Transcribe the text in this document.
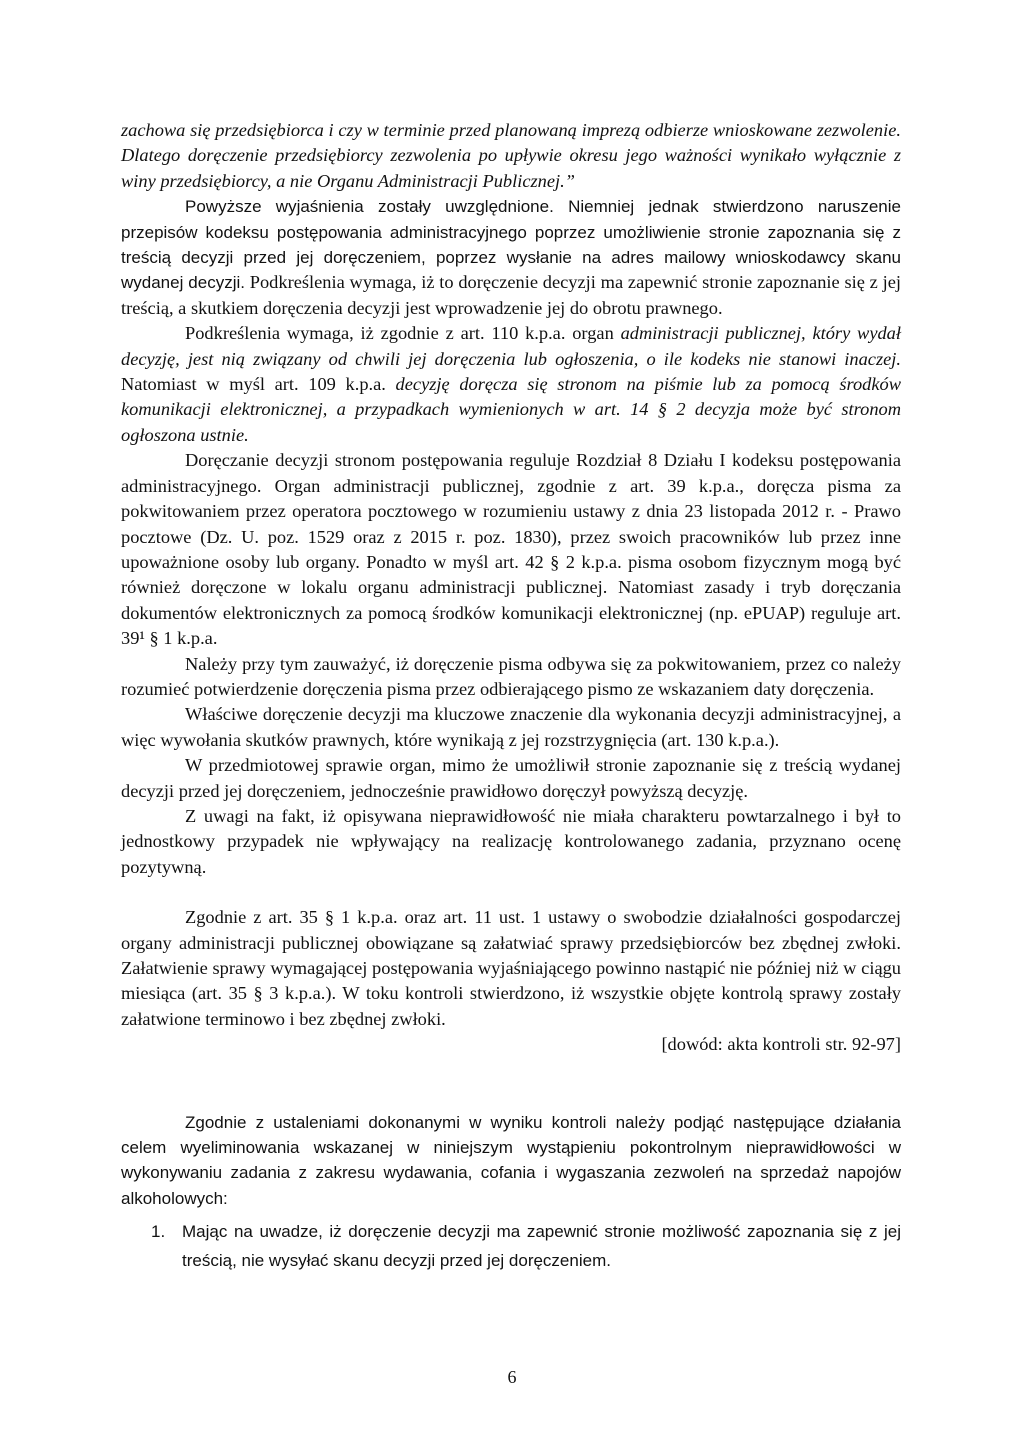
zachowa się przedsiębiorca i czy w terminie przed planowaną imprezą odbierze wnioskowane zezwolenie. Dlatego doręczenie przedsiębiorcy zezwolenia po upływie okresu jego ważności wynikało wyłącznie z winy przedsiębiorcy, a nie Organu Administracji Publicznej.”

Powyższe wyjaśnienia zostały uwzględnione. Niemniej jednak stwierdzono naruszenie przepisów kodeksu postępowania administracyjnego poprzez umożliwienie stronie zapoznania się z treścią decyzji przed jej doręczeniem, poprzez wysłanie na adres mailowy wnioskodawcy skanu wydanej decyzji. Podkreślenia wymaga, iż to doręczenie decyzji ma zapewnić stronie zapoznanie się z jej treścią, a skutkiem doręczenia decyzji jest wprowadzenie jej do obrotu prawnego.

Podkreślenia wymaga, iż zgodnie z art. 110 k.p.a. organ administracji publicznej, który wydał decyzję, jest nią związany od chwili jej doręczenia lub ogłoszenia, o ile kodeks nie stanowi inaczej. Natomiast w myśl art. 109 k.p.a. decyzję doręcza się stronom na piśmie lub za pomocą środków komunikacji elektronicznej, a przypadkach wymienionych w art. 14 § 2 decyzja może być stronom ogłoszona ustnie.

Doręczanie decyzji stronom postępowania reguluje Rozdział 8 Działu I kodeksu postępowania administracyjnego. Organ administracji publicznej, zgodnie z art. 39 k.p.a., doręcza pisma za pokwitowaniem przez operatora pocztowego w rozumieniu ustawy z dnia 23 listopada 2012 r. - Prawo pocztowe (Dz. U. poz. 1529 oraz z 2015 r. poz. 1830), przez swoich pracowników lub przez inne upoważnione osoby lub organy. Ponadto w myśl art. 42 § 2 k.p.a. pisma osobom fizycznym mogą być również doręczone w lokalu organu administracji publicznej. Natomiast zasady i tryb doręczania dokumentów elektronicznych za pomocą środków komunikacji elektronicznej (np. ePUAP) reguluje art. 39¹ § 1 k.p.a.

Należy przy tym zauważyć, iż doręczenie pisma odbywa się za pokwitowaniem, przez co należy rozumieć potwierdzenie doręczenia pisma przez odbierającego pismo ze wskazaniem daty doręczenia.

Właściwe doręczenie decyzji ma kluczowe znaczenie dla wykonania decyzji administracyjnej, a więc wywołania skutków prawnych, które wynikają z jej rozstrzygnięcia (art. 130 k.p.a.).

W przedmiotowej sprawie organ, mimo że umożliwił stronie zapoznanie się z treścią wydanej decyzji przed jej doręczeniem, jednocześnie prawidłowo doręczył powyższą decyzję.

Z uwagi na fakt, iż opisywana nieprawidłowość nie miała charakteru powtarzalnego i był to jednostkowy przypadek nie wpływający na realizację kontrolowanego zadania, przyznano ocenę pozytywną.

Zgodnie z art. 35 § 1 k.p.a. oraz art. 11 ust. 1 ustawy o swobodzie działalności gospodarczej organy administracji publicznej obowiązane są załatwiać sprawy przedsiębiorców bez zbędnej zwłoki. Załatwienie sprawy wymagającej postępowania wyjaśniającego powinno nastąpić nie później niż w ciągu miesiąca (art. 35 § 3 k.p.a.). W toku kontroli stwierdzono, iż wszystkie objęte kontrolą sprawy zostały załatwione terminowo i bez zbędnej zwłoki.

[dowód: akta kontroli str. 92-97]

Zgodnie z ustaleniami dokonanymi w wyniku kontroli należy podjąć następujące działania celem wyeliminowania wskazanej w niniejszym wystąpieniu pokontrolnym nieprawidłowości w wykonywaniu zadania z zakresu wydawania, cofania i wygaszania zezwoleń na sprzedaż napojów alkoholowych:

1. Mając na uwadze, iż doręczenie decyzji ma zapewnić stronie możliwość zapoznania się z jej treścią, nie wysyłać skanu decyzji przed jej doręczeniem.
6
